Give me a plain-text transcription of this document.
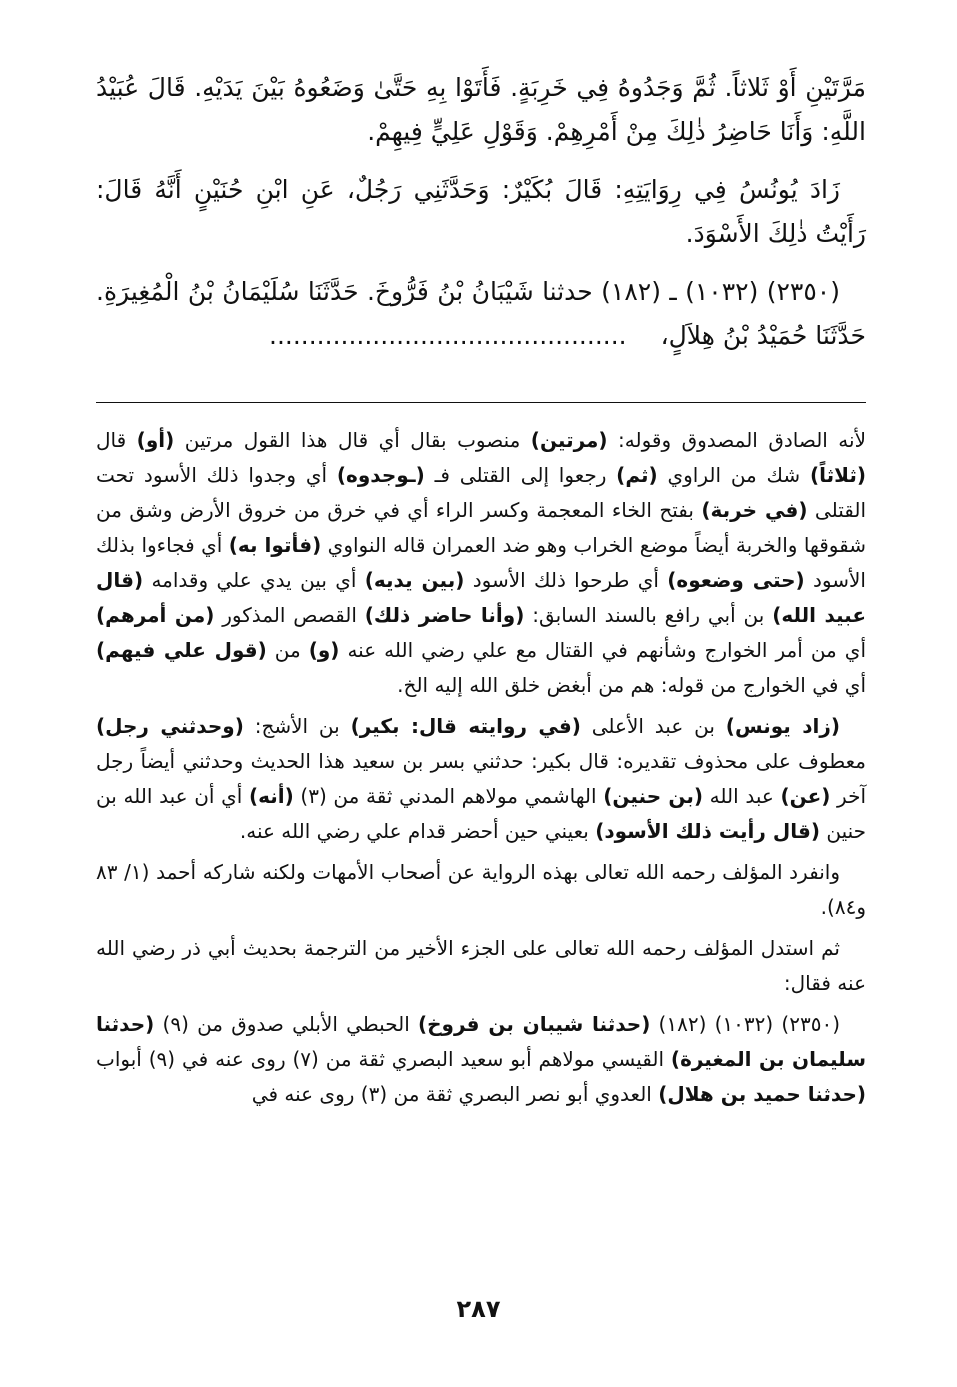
مَرَّتَيْنِ أَوْ ثَلاثاً. ثُمَّ وَجَدُوهُ فِي خَرِبَةٍ. فَأَتَوْا بِهِ حَتَّىٰ وَضَعُوهُ بَيْنَ يَدَيْهِ. قَالَ عُبَيْدُ اللَّهِ: وَأَنَا حَاضِرُ ذٰلِكَ مِنْ أَمْرِهِمْ. وَقَوْلِ عَلِيٍّ فِيهِمْ.

زَادَ يُونُسُ فِي رِوَايَتِهِ: قَالَ بُكَيْرٌ: وَحَدَّثَنِي رَجُلٌ، عَنِ ابْنِ حُنَيْنٍ أَنَّهُ قَالَ: رَأَيْتُ ذٰلِكَ الأَسْوَدَ.

(٢٣٥٠) (١٠٣٢) ـ (١٨٢) حدثنا شَيْبَانُ بْنُ فَرُّوخَ. حَدَّثَنَا سُلَيْمَانُ بْنُ الْمُغِيرَةِ. حَدَّثَنَا حُمَيْدُ بْنُ هِلاَلٍ، .............................................

لأنه الصادق المصدوق وقوله: (مرتين) منصوب بقال أي قال هذا القول مرتين (أو) قال (ثلاثاً) شك من الراوي (ثم) رجعوا إلى القتلى فـ (ـوجدوه) أي وجدوا ذلك الأسود تحت القتلى (في خربة) بفتح الخاء المعجمة وكسر الراء أي في خرق من خروق الأرض وشق من شقوقها والخربة أيضاً موضع الخراب وهو ضد العمران قاله النواوي (فأتوا به) أي فجاءوا بذلك الأسود (حتى وضعوه) أي طرحوا ذلك الأسود (بين يديه) أي بين يدي علي وقدامه (قال عبيد الله) بن أبي رافع بالسند السابق: (وأنا حاضر ذلك) القصص المذكور (من أمرهم) أي من أمر الخوارج وشأنهم في القتال مع علي رضي الله عنه (و) من (قول علي فيهم) أي في الخوارج من قوله: هم من أبغض خلق الله إليه الخ.

(زاد يونس) بن عبد الأعلى (في روايته قال: بكير) بن الأشج: (وحدثني رجل) معطوف على محذوف تقديره: قال بكير: حدثني بسر بن سعيد هذا الحديث وحدثني أيضاً رجل آخر (عن) عبد الله (بن حنين) الهاشمي مولاهم المدني ثقة من (٣) (أنه) أي أن عبد الله بن حنين (قال رأيت ذلك الأسود) بعيني حين أحضر قدام علي رضي الله عنه.

وانفرد المؤلف رحمه الله تعالى بهذه الرواية عن أصحاب الأمهات ولكنه شاركه أحمد (١/ ٨٣ و٨٤).

ثم استدل المؤلف رحمه الله تعالى على الجزء الأخير من الترجمة بحديث أبي ذر رضي الله عنه فقال:

(٢٣٥٠) (١٠٣٢) (١٨٢) (حدثنا شيبان بن فروخ) الحبطي الأبلي صدوق من (٩) (حدثنا سليمان بن المغيرة) القيسي مولاهم أبو سعيد البصري ثقة من (٧) روى عنه في (٩) أبواب (حدثنا حميد بن هلال) العدوي أبو نصر البصري ثقة من (٣) روى عنه في

٢٨٧
